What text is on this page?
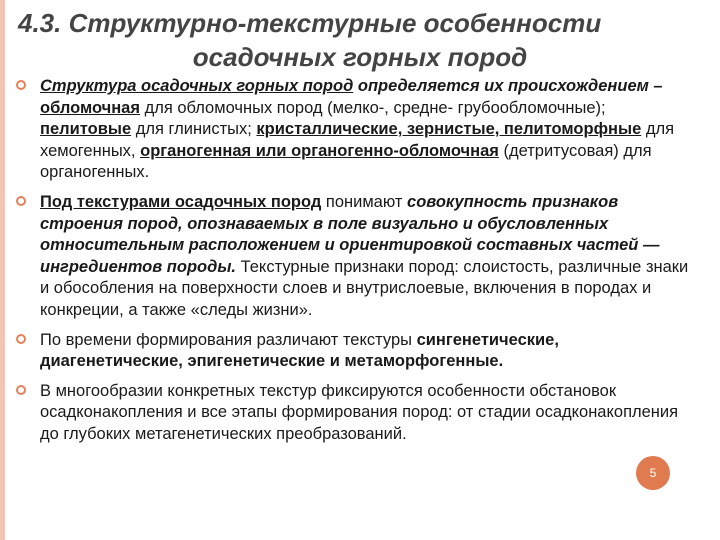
4.3. Структурно-текстурные особенности
осадочных горных пород
Структура осадочных горных пород определяется их происхождением – обломочная для обломочных пород (мелко-, средне- грубообломочные); пелитовые для глинистых; кристаллические, зернистые, пелитоморфные для хемогенных, органогенная или органогенно-обломочная (детритусовая) для органогенных.
Под текстурами осадочных пород понимают совокупность признаков строения пород, опознаваемых в поле визуально и обусловленных относительным расположением и ориентировкой составных частей — ингредиентов породы. Текстурные признаки пород: слоистость, различные знаки и обособления на поверхности слоев и внутрислоевые, включения в породах и конкреции, а также «следы жизни».
По времени формирования различают текстуры сингенетические, диагенетические, эпигенетические и метаморфогенные.
В многообразии конкретных текстур фиксируются особенности обстановок осадконакопления и все этапы формирования пород: от стадии осадконакопления до глубоких метагенетических преобразований.
5
